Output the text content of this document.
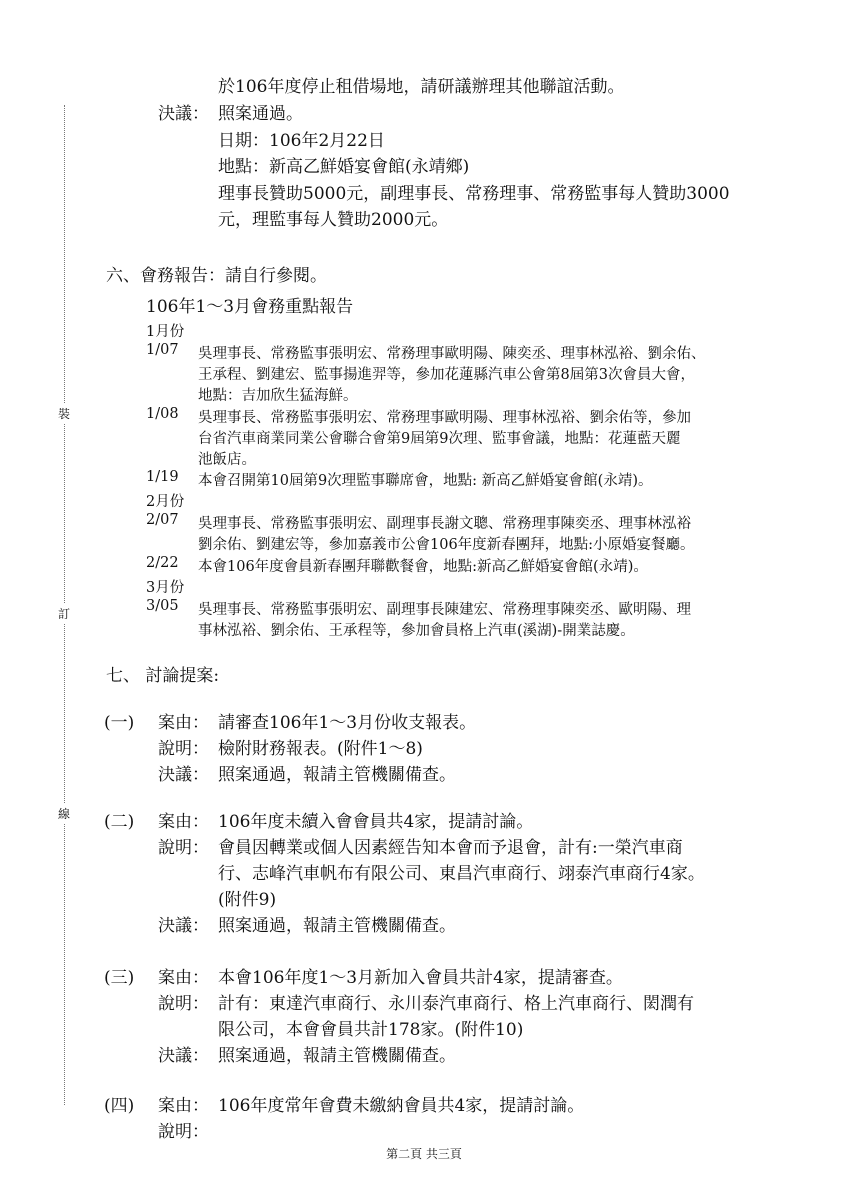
裝
訂
線
於106年度停止租借場地，請研議辦理其他聯誼活動。
決議： 照案通過。
日期：106年2月22日
地點：新高乙鮮婚宴會館(永靖鄉)
理事長贊助5000元，副理事長、常務理事、常務監事每人贊助3000
元，理監事每人贊助2000元。
六、會務報告：請自行參閱。
106年1～3月會務重點報告
1月份
1/07 吳理事長、常務監事張明宏、常務理事歐明陽、陳奕丞、理事林泓裕、劉余佑、
王承程、劉建宏、監事揚進羿等，參加花蓮縣汽車公會第8屆第3次會員大會，
地點：吉加欣生猛海鮮。
1/08 吳理事長、常務監事張明宏、常務理事歐明陽、理事林泓裕、劉余佑等，參加
台省汽車商業同業公會聯合會第9屆第9次理、監事會議，地點：花蓮藍天麗
池飯店。
1/19 本會召開第10屆第9次理監事聯席會，地點: 新高乙鮮婚宴會館(永靖)。
2月份
2/07 吳理事長、常務監事張明宏、副理事長謝文聰、常務理事陳奕丞、理事林泓裕
劉余佑、劉建宏等，參加嘉義市公會106年度新春團拜，地點:小原婚宴餐廳。
2/22 本會106年度會員新春團拜聯歡餐會，地點:新高乙鮮婚宴會館(永靖)。
3月份
3/05 吳理事長、常務監事張明宏、副理事長陳建宏、常務理事陳奕丞、歐明陽、理
事林泓裕、劉余佑、王承程等，參加會員格上汽車(溪湖)-開業誌慶。
七、 討論提案:
(一) 案由： 請審查106年1～3月份收支報表。
說明： 檢附財務報表。(附件1～8)
決議： 照案通過，報請主管機關備查。
(二) 案由： 106年度未續入會會員共4家，提請討論。
說明： 會員因轉業或個人因素經告知本會而予退會，計有:一榮汽車商
行、志峰汽車帆布有限公司、東昌汽車商行、翊泰汽車商行4家。
(附件9)
決議： 照案通過，報請主管機關備查。
(三) 案由： 本會106年度1～3月新加入會員共計4家，提請審查。
說明： 計有：東達汽車商行、永川泰汽車商行、格上汽車商行、閎潤有
限公司，本會會員共計178家。(附件10)
決議： 照案通過，報請主管機關備查。
(四) 案由： 106年度常年會費未繳納會員共4家，提請討論。
說明：
第二頁 共三頁
